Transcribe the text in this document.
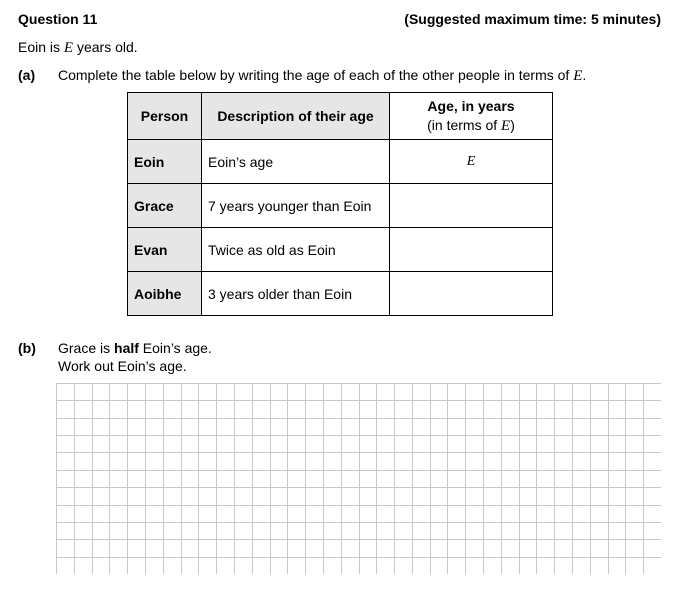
Question 11	(Suggested maximum time: 5 minutes)
Eoin is E years old.
(a) Complete the table below by writing the age of each of the other people in terms of E.
Person	Description of their age	Age, in years
(in terms of E)
Eoin	Eoin’s age	E
Grace	7 years younger than Eoin	
Evan	Twice as old as Eoin	
Aoibhe	3 years older than Eoin	
(b) Grace is half Eoin’s age.
Work out Eoin’s age.
